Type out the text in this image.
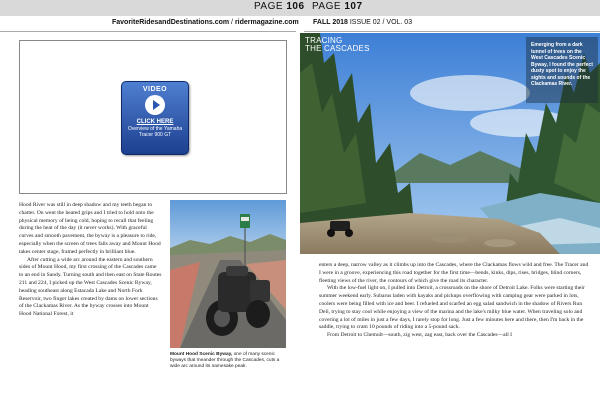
PAGE 106 PAGE 107
FavoriteRidesandDestinations.com / ridermagazine.com FALL 2018 ISSUE 02 / VOL. 03
VIDEO
CLICK HERE
Overview of the Yamaha Tracer 900 GT

Hood River was still in deep shadow and my teeth began to chatter. On went the heated grips and I tried to hold onto the physical memory of being cold, hoping to recall that feeling during the heat of the day (it never works). With graceful curves and smooth pavement, the byway is a pleasure to ride, especially when the screen of trees falls away and Mount Hood takes center stage, framed perfectly in brilliant blue.

After cutting a wide arc around the eastern and southern sides of Mount Hood, my first crossing of the Cascades came to an end in Sandy. Turning south and then east on State Routes 211 and 224, I picked up the West Cascades Scenic Byway, heading southeast along Estacada Lake and North Fork Reservoir, two finger lakes created by dams on lower sections of the Clackamas River. As the byway crosses into Mount Hood National Forest, it

Mount Hood Scenic Byway, one of many scenic byways that meander through the Cascades, cuts a wide arc around its namesake peak.
TRACING
THE CASCADES	Emerging from a dark tunnel of trees on the West Cascades Scenic Byway, I found the perfect dusty spot to enjoy the sights and sounds of the Clackamas River.

enters a deep, narrow valley as it climbs up into the Cascades, where the Clackamas flows wild and free. The Tracer and I were in a groove, experiencing this road together for the first time—bends, kinks, dips, rises, bridges, blind corners, fleeting views of the river, the contours of which give the road its character.

With the low-fuel light on, I pulled into Detroit, a crossroads on the shore of Detroit Lake. Folks were starting their summer weekend early. Subarus laden with kayaks and pickups overflowing with camping gear were parked in lots, coolers were being filled with ice and beer. I refueled and scarfed an egg salad sandwich in the shadow of Rivers Run Deli, trying to stay cool while enjoying a view of the marina and the lake's milky blue water. When traveling solo and covering a lot of miles in just a few days, I rarely stop for long. Just a few minutes here and there, then I'm back in the saddle, trying to cram 10 pounds of riding into a 5-pound sack.

From Detroit to Chemult—south, zig west, zag east, back over the Cascades—all I
